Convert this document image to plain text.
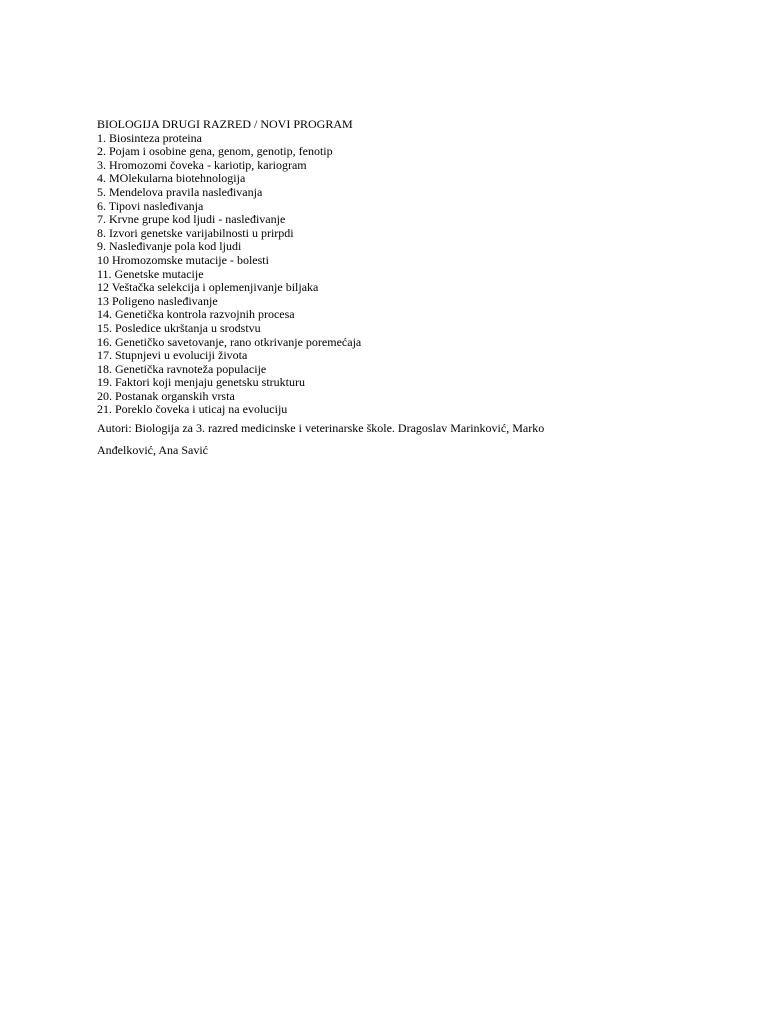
BIOLOGIJA DRUGI RAZRED / NOVI PROGRAM
1. Biosinteza proteina
2. Pojam i osobine gena, genom, genotip, fenotip
3. Hromozomi čoveka - kariotip, kariogram
4. MOlekularna biotehnologija
5. Mendelova pravila nasleđivanja
6. Tipovi nasleđivanja
7. Krvne grupe kod ljudi - nasleđivanje
8. Izvori genetske varijabilnosti u prirpdi
9. Nasleđivanje pola kod ljudi
10 Hromozomske mutacije - bolesti
11. Genetske mutacije
12 Veštačka selekcija i oplemenjivanje biljaka
13 Poligeno nasleđivanje
14. Genetička kontrola razvojnih procesa
15. Posledice ukrštanja u srodstvu
16. Genetičko savetovanje, rano otkrivanje poremećaja
17. Stupnjevi u evoluciji života
18. Genetička ravnoteža populacije
19. Faktori koji menjaju genetsku strukturu
20. Postanak organskih vrsta
21. Poreklo čoveka i uticaj na evoluciju
Autori: Biologija za 3. razred medicinske i veterinarske škole. Dragoslav Marinković, Marko Anđelković, Ana Savić
